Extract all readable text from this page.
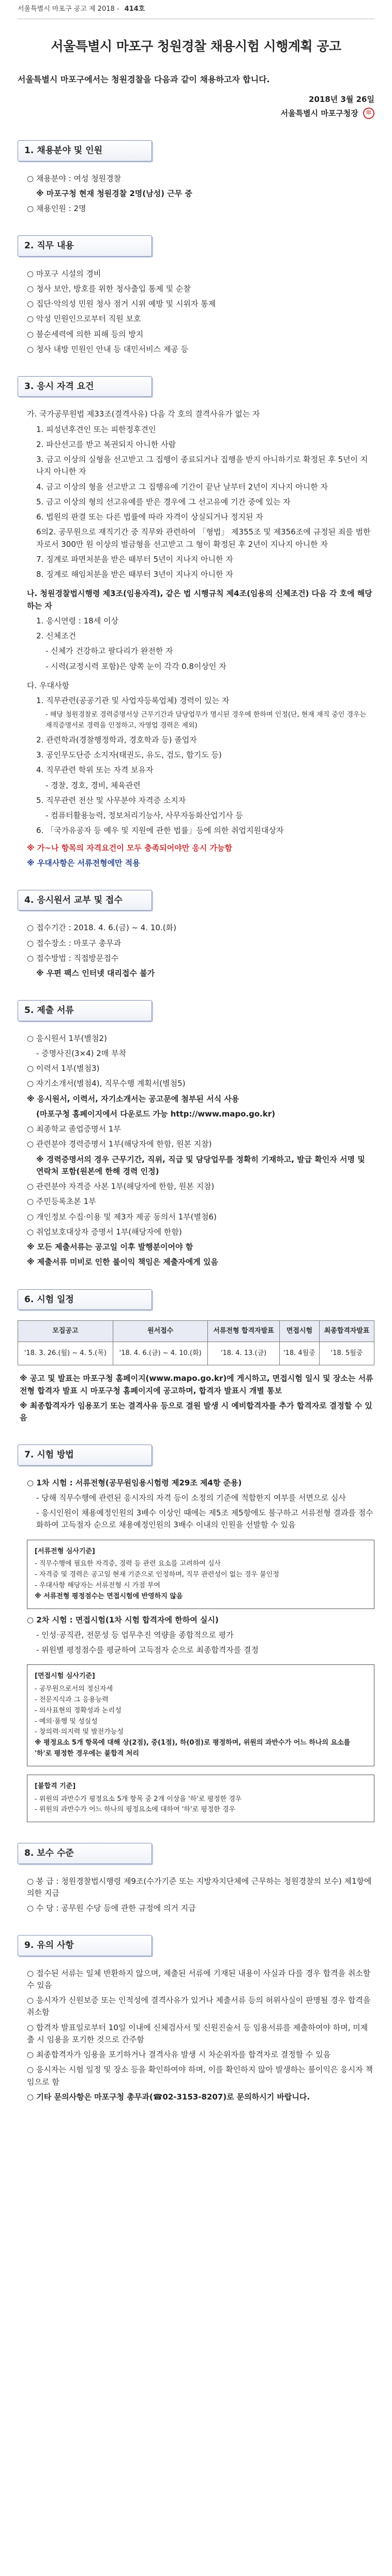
서울특별시 마포구 공고 제 2018 - 414호
서울특별시 마포구 청원경찰 채용시험 시행계획 공고

서울특별시 마포구에서는 청원경찰을 다음과 같이 채용하고자 합니다.

2018년 3월 26일

서울특별시 마포구청장 印

1. 채용분야 및 인원

○ 채용분야 : 여성 청원경찰

※ 마포구청 현재 청원경찰 2명(남성) 근무 중

○ 채용인원 : 2명

2. 직무 내용

○ 마포구 시설의 경비

○ 청사 보안, 방호를 위한 청사출입 통제 및 순찰

○ 집단·악의성 민원 청사 점거 시위 예방 및 시위자 통제

○ 악성 민원인으로부터 직원 보호

○ 불순세력에 의한 피해 등의 방지

○ 청사 내방 민원인 안내 등 대민서비스 제공 등

3. 응시 자격 요건

가. 국가공무원법 제33조(결격사유) 다음 각 호의 결격사유가 없는 자

1. 피성년후견인 또는 피한정후견인

2. 파산선고를 받고 복권되지 아니한 사람

3. 금고 이상의 실형을 선고받고 그 집행이 종료되거나 집행을 받지 아니하기로 확정된 후 5년이 지나지 아니한 자

4. 금고 이상의 형을 선고받고 그 집행유예 기간이 끝난 날부터 2년이 지나지 아니한 자

5. 금고 이상의 형의 선고유예를 받은 경우에 그 선고유예 기간 중에 있는 자

6. 법원의 판결 또는 다른 법률에 따라 자격이 상실되거나 정지된 자

6의2. 공무원으로 재직기간 중 직무와 관련하여 「형법」 제355조 및 제356조에 규정된 죄를 범한 자로서 300만 원 이상의 벌금형을 선고받고 그 형이 확정된 후 2년이 지나지 아니한 자

7. 징계로 파면처분을 받은 때부터 5년이 지나지 아니한 자

8. 징계로 해임처분을 받은 때부터 3년이 지나지 아니한 자

나. 청원경찰법시행령 제3조(임용자격), 같은 법 시행규칙 제4조(임용의 신체조건) 다음 각 호에 해당하는 자

1. 응시연령 : 18세 이상

2. 신체조건

- 신체가 건강하고 팔다리가 완전한 자

- 시력(교정시력 포함)은 양쪽 눈이 각각 0.8이상인 자

다. 우대사항

1. 직무관련(공공기관 및 사업자등록업체) 경력이 있는 자

- 해당 청원경찰로 경력증명서상 근무기간과 담당업무가 명시된 경우에 한하며 인정(단, 현재 재직 중인 경우는 재직증명서로 경력을 인정하고, 자영업 경력은 제외)

2. 관련학과(경찰행정학과, 경호학과 등) 졸업자

3. 공인무도단증 소지자(태권도, 유도, 검도, 합기도 등)

4. 직무관련 학위 또는 자격 보유자

- 경찰, 경호, 경비, 체육관련

5. 직무관련 전산 및 사무분야 자격증 소지자

- 컴퓨터활용능력, 정보처리기능사, 사무자동화산업기사 등

6. 「국가유공자 등 예우 및 지원에 관한 법률」등에 의한 취업지원대상자

※ 가~나 항목의 자격요건이 모두 충족되어야만 응시 가능함

※ 우대사항은 서류전형에만 적용

4. 응시원서 교부 및 접수

○ 접수기간 : 2018. 4. 6.(금) ~ 4. 10.(화)

○ 접수장소 : 마포구 총무과

○ 접수방법 : 직접방문접수

※ 우편 팩스 인터넷 대리접수 불가

5. 제출 서류

○ 응시원서 1부(별첨2)

- 증명사진(3×4) 2매 부착

○ 이력서 1부(별첨3)

○ 자기소개서(별첨4), 직무수행 계획서(별첨5)

※ 응시원서, 이력서, 자기소개서는 공고문에 첨부된 서식 사용

(마포구청 홈페이지에서 다운로드 가능 http://www.mapo.go.kr)

○ 최종학교 졸업증명서 1부

○ 관련분야 경력증명서 1부(해당자에 한함, 원본 지참)

※ 경력증명서의 경우 근무기간, 직위, 직급 및 담당업무를 정확히 기재하고, 발급 확인자 서명 및 연락처 포함(원본에 한해 경력 인정)

○ 관련분야 자격증 사본 1부(해당자에 한함, 원본 지참)

○ 주민등록초본 1부

○ 개인정보 수집·이용 및 제3자 제공 동의서 1부(별첨6)

○ 취업보호대상자 증명서 1부(해당자에 한함)

※ 모든 제출서류는 공고일 이후 발행분이어야 함

※ 제출서류 미비로 인한 불이익 책임은 제출자에게 있음

6. 시험 일정
모집공고	원서접수	서류전형 합격자발표	면접시험	최종합격자발표
'18. 3. 26.(월) ~ 4. 5.(목)	'18. 4. 6.(금) ~ 4. 10.(화)	'18. 4. 13.(금)	'18. 4월중	'18. 5월중

※ 공고 및 발표는 마포구청 홈페이지(www.mapo.go.kr)에 게시하고, 면접시험 일시 및 장소는 서류전형 합격자 발표 시 마포구청 홈페이지에 공고하며, 합격자 발표시 개별 통보

※ 최종합격자가 임용포기 또는 결격사유 등으로 결원 발생 시 예비합격자를 추가 합격자로 결정할 수 있음

7. 시험 방법

○ 1차 시험 : 서류전형(공무원임용시험령 제29조 제4항 준용)

- 당해 직무수행에 관련된 응시자의 자격 등이 소정의 기준에 적합한지 여부를 서면으로 심사

- 응시인원이 채용예정인원의 3배수 이상인 때에는 제5조 제5항에도 불구하고 서류전형 결과를 점수화하여 고득점자 순으로 채용예정인원의 3배수 이내의 인원을 선발할 수 있음

[서류전형 심사기준]

- 직무수행에 필요한 자격증, 경력 등 관련 요소를 고려하여 심사

- 자격증 및 경력은 공고일 현재 기준으로 인정하며, 직무 관련성이 없는 경우 불인정

- 우대사항 해당자는 서류전형 시 가점 부여

※ 서류전형 평정점수는 면접시험에 반영하지 않음

○ 2차 시험 : 면접시험(1차 시험 합격자에 한하여 실시)

- 인성·공직관, 전문성 등 업무추진 역량을 종합적으로 평가

- 위원별 평정점수를 평균하여 고득점자 순으로 최종합격자를 결정

[면접시험 심사기준]

- 공무원으로서의 정신자세

- 전문지식과 그 응용능력

- 의사표현의 정확성과 논리성

- 예의·품행 및 성실성

- 창의력·의지력 및 발전가능성

※ 평정요소 5개 항목에 대해 상(2점), 중(1점), 하(0점)로 평정하며, 위원의 과반수가 어느 하나의 요소를 '하'로 평정한 경우에는 불합격 처리

[불합격 기준]

- 위원의 과반수가 평정요소 5개 항목 중 2개 이상을 '하'로 평정한 경우

- 위원의 과반수가 어느 하나의 평정요소에 대하여 '하'로 평정한 경우

8. 보수 수준

○ 봉 급 : 청원경찰법시행령 제9조(수가기준 또는 지방자치단체에 근무하는 청원경찰의 보수) 제1항에 의한 지급

○ 수 당 : 공무원 수당 등에 관한 규정에 의거 지급

9. 유의 사항

○ 접수된 서류는 일체 반환하지 않으며, 제출된 서류에 기재된 내용이 사실과 다를 경우 합격을 취소할 수 있음

○ 응시자가 신원보증 또는 인적성에 결격사유가 있거나 제출서류 등의 허위사실이 판명될 경우 합격을 취소함

○ 합격자 발표일로부터 10일 이내에 신체검사서 및 신원진술서 등 임용서류를 제출하여야 하며, 미제출 시 임용을 포기한 것으로 간주함

○ 최종합격자가 임용을 포기하거나 결격사유 발생 시 차순위자를 합격자로 결정할 수 있음

○ 응시자는 시험 일정 및 장소 등을 확인하여야 하며, 이를 확인하지 않아 발생하는 불이익은 응시자 책임으로 함

○ 기타 문의사항은 마포구청 총무과(☎02-3153-8207)로 문의하시기 바랍니다.
